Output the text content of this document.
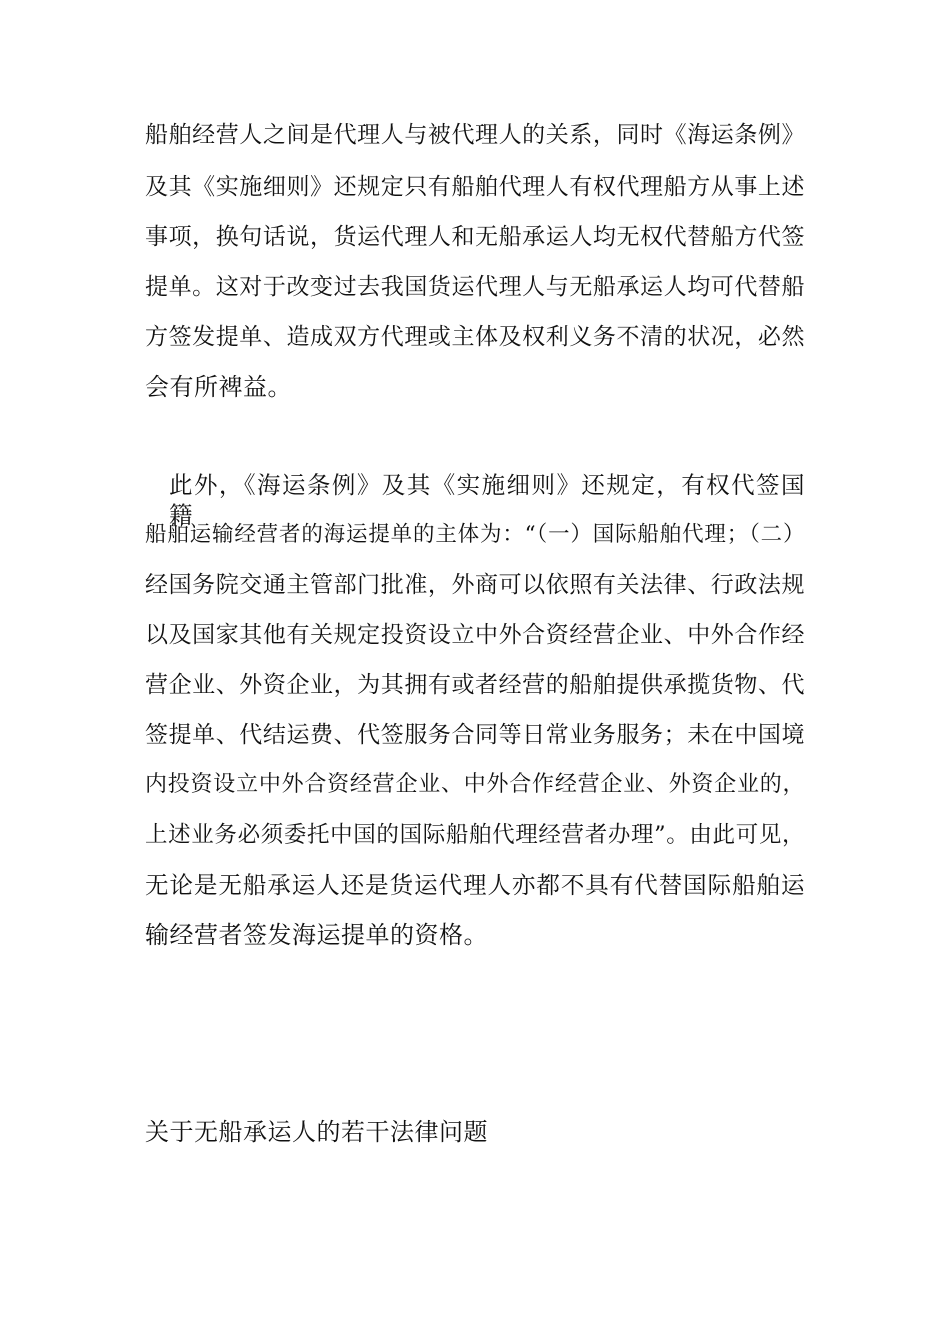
船舶经营人之间是代理人与被代理人的关系，同时《海运条例》
及其《实施细则》还规定只有船舶代理人有权代理船方从事上述
事项，换句话说，货运代理人和无船承运人均无权代替船方代签
提单。这对于改变过去我国货运代理人与无船承运人均可代替船
方签发提单、造成双方代理或主体及权利义务不清的状况，必然
会有所裨益。
此外，《海运条例》及其《实施细则》还规定，有权代签国籍
船舶运输经营者的海运提单的主体为：“（一）国际船舶代理；（二）
经国务院交通主管部门批准，外商可以依照有关法律、行政法规
以及国家其他有关规定投资设立中外合资经营企业、中外合作经
营企业、外资企业，为其拥有或者经营的船舶提供承揽货物、代
签提单、代结运费、代签服务合同等日常业务服务；未在中国境
内投资设立中外合资经营企业、中外合作经营企业、外资企业的，
上述业务必须委托中国的国际船舶代理经营者办理”。由此可见，
无论是无船承运人还是货运代理人亦都不具有代替国际船舶运
输经营者签发海运提单的资格。
关于无船承运人的若干法律问题
